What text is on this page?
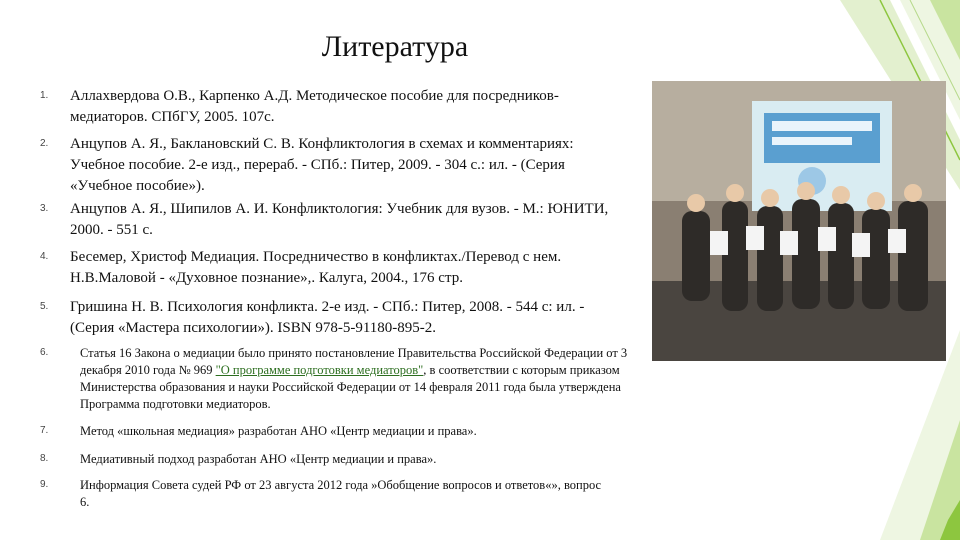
Литература
1.	Аллахвердова О.В., Карпенко А.Д. Методическое пособие для посредников-медиаторов. СПбГУ, 2005. 107с.
2.	Анцупов А. Я., Баклановский С. В. Конфликтология в схемах и комментариях: Учебное пособие. 2-е изд., перераб. - СПб.: Питер, 2009. - 304 с.: ил. - (Серия «Учебное пособие»).
3.	Анцупов А. Я., Шипилов А. И. Конфликтология: Учебник для вузов. - М.: ЮНИТИ, 2000. - 551 с.
4.	Бесемер, Христоф Медиация. Посредничество в конфликтах./Перевод с нем. Н.В.Маловой - «Духовное познание»,. Калуга, 2004., 176 стр.
5.	Гришина Н. В. Психология конфликта. 2-е изд. - СПб.: Питер, 2008. - 544 с: ил. - (Серия «Мастера психологии»). ISBN 978-5-91180-895-2.
6.	Статья 16 Закона о медиации было принято постановление Правительства Российской Федерации от 3 декабря 2010 года № 969 "О программе подготовки медиаторов", в соответствии с которым приказом Министерства образования и науки Российской Федерации от 14 февраля 2011 года была утверждена Программа подготовки медиаторов.
7.	Метод «школьная медиация» разработан АНО «Центр медиации и права».
8.	Медиативный подход разработан АНО «Центр медиации и права».
9.	Информация Совета судей РФ от 23 августа 2012 года »Обобщение вопросов и ответов«», вопрос 6.
